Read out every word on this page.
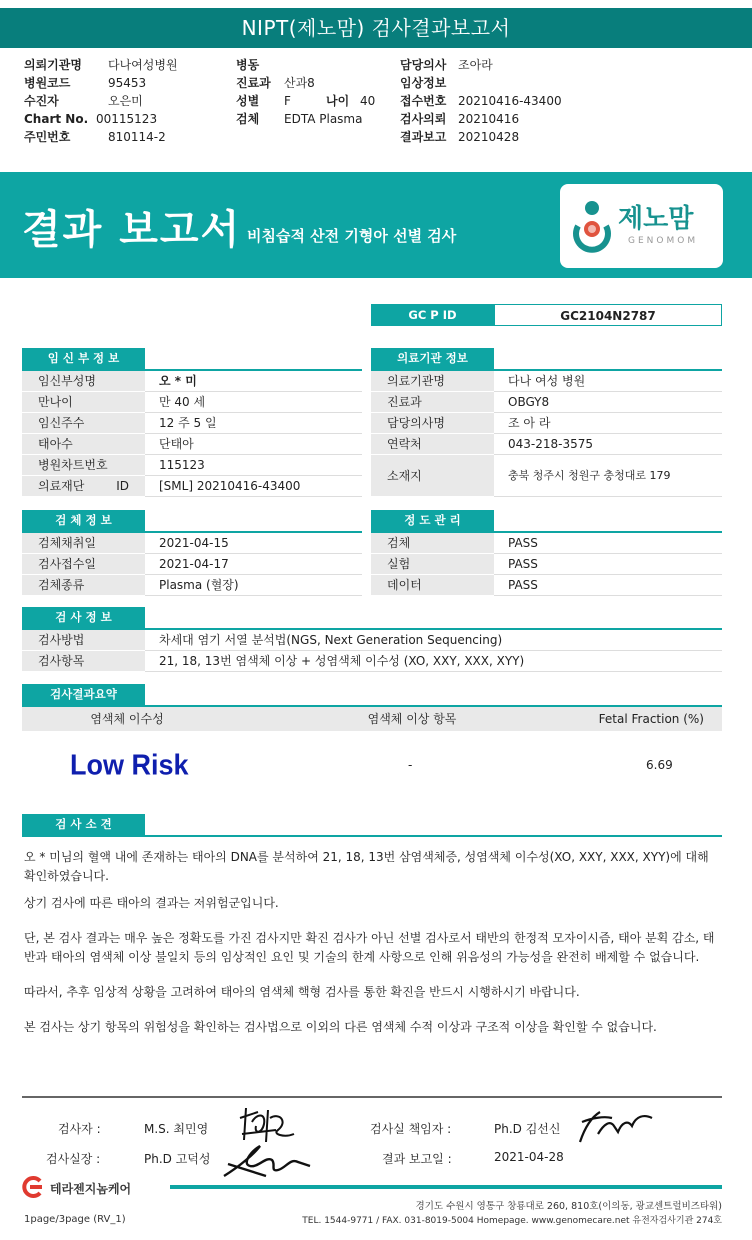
NIPT(제노맘) 검사결과보고서
의뢰기관명 다나여성병원
병원코드	95453
수진자	오은미
Chart No. 00115123
주민번호	810114-2
병동
진료과 산과8
성별 F	나이 40
검체 EDTA Plasma
담당의사 조아라
임상정보
접수번호 20210416-43400
검사의뢰 20210416
결과보고 20210428
결과 보고서 비침습적 산전 기형아 선별 검사
제노맘
GENOMOM
GC P ID	GC2104N2787
임 신 부 정 보
임신부성명	오 * 미
만나이	만 40 세
임신주수	12 주 5 일
태아수	단태아
병원차트번호	115123
의료재단 ID	[SML] 20210416-43400
의료기관 정보
의료기관명	다나 여성 병원
진료과	OBGY8
담당의사명	조 아 라
연락처	043-218-3575
소재지	충북 청주시 청원구 충청대로 179
검 체 정 보
검체채취일	2021-04-15
검사접수일	2021-04-17
검체종류	Plasma (혈장)
정 도 관 리
검체	PASS
실험	PASS
데이터	PASS
검 사 정 보
검사방법	차세대 염기 서열 분석법(NGS, Next Generation Sequencing)
검사항목	21, 18, 13번 염색체 이상 + 성염색체 이수성 (XO, XXY, XXX, XYY)
검사결과요약
염색체 이수성	염색체 이상 항목	Fetal Fraction (%)
Low Risk	-	6.69
검 사 소 견

오 * 미님의 혈액 내에 존재하는 태아의 DNA를 분석하여 21, 18, 13번 삼염색체증, 성염색체 이수성(XO, XXY, XXX, XYY)에 대해 확인하였습니다.

상기 검사에 따른 태아의 결과는 저위험군입니다.

단, 본 검사 결과는 매우 높은 정확도를 가진 검사지만 확진 검사가 아닌 선별 검사로서 태반의 한정적 모자이시즘, 태아 분획 감소, 태반과 태아의 염색체 이상 불일치 등의 임상적인 요인 및 기술의 한계 사항으로 인해 위음성의 가능성을 완전히 배제할 수 없습니다.

따라서, 추후 임상적 상황을 고려하여 태아의 염색체 핵형 검사를 통한 확진을 반드시 시행하시기 바랍니다.

본 검사는 상기 항목의 위험성을 확인하는 검사법으로 이외의 다른 염색체 수적 이상과 구조적 이상을 확인할 수 없습니다.

검사자 :	M.S. 최민영	검사실 책임자 :	Ph.D 김선신
검사실장 :	Ph.D 고덕성	결과 보고일 :	2021-04-28
테라젠지놈케어
1page/3page (RV_1)
경기도 수원시 영통구 창룡대로 260, 810호(이의동, 광교센트럴비즈타워)
TEL. 1544-9771 / FAX. 031-8019-5004 Homepage. www.genomecare.net 유전자검사기관 274호
